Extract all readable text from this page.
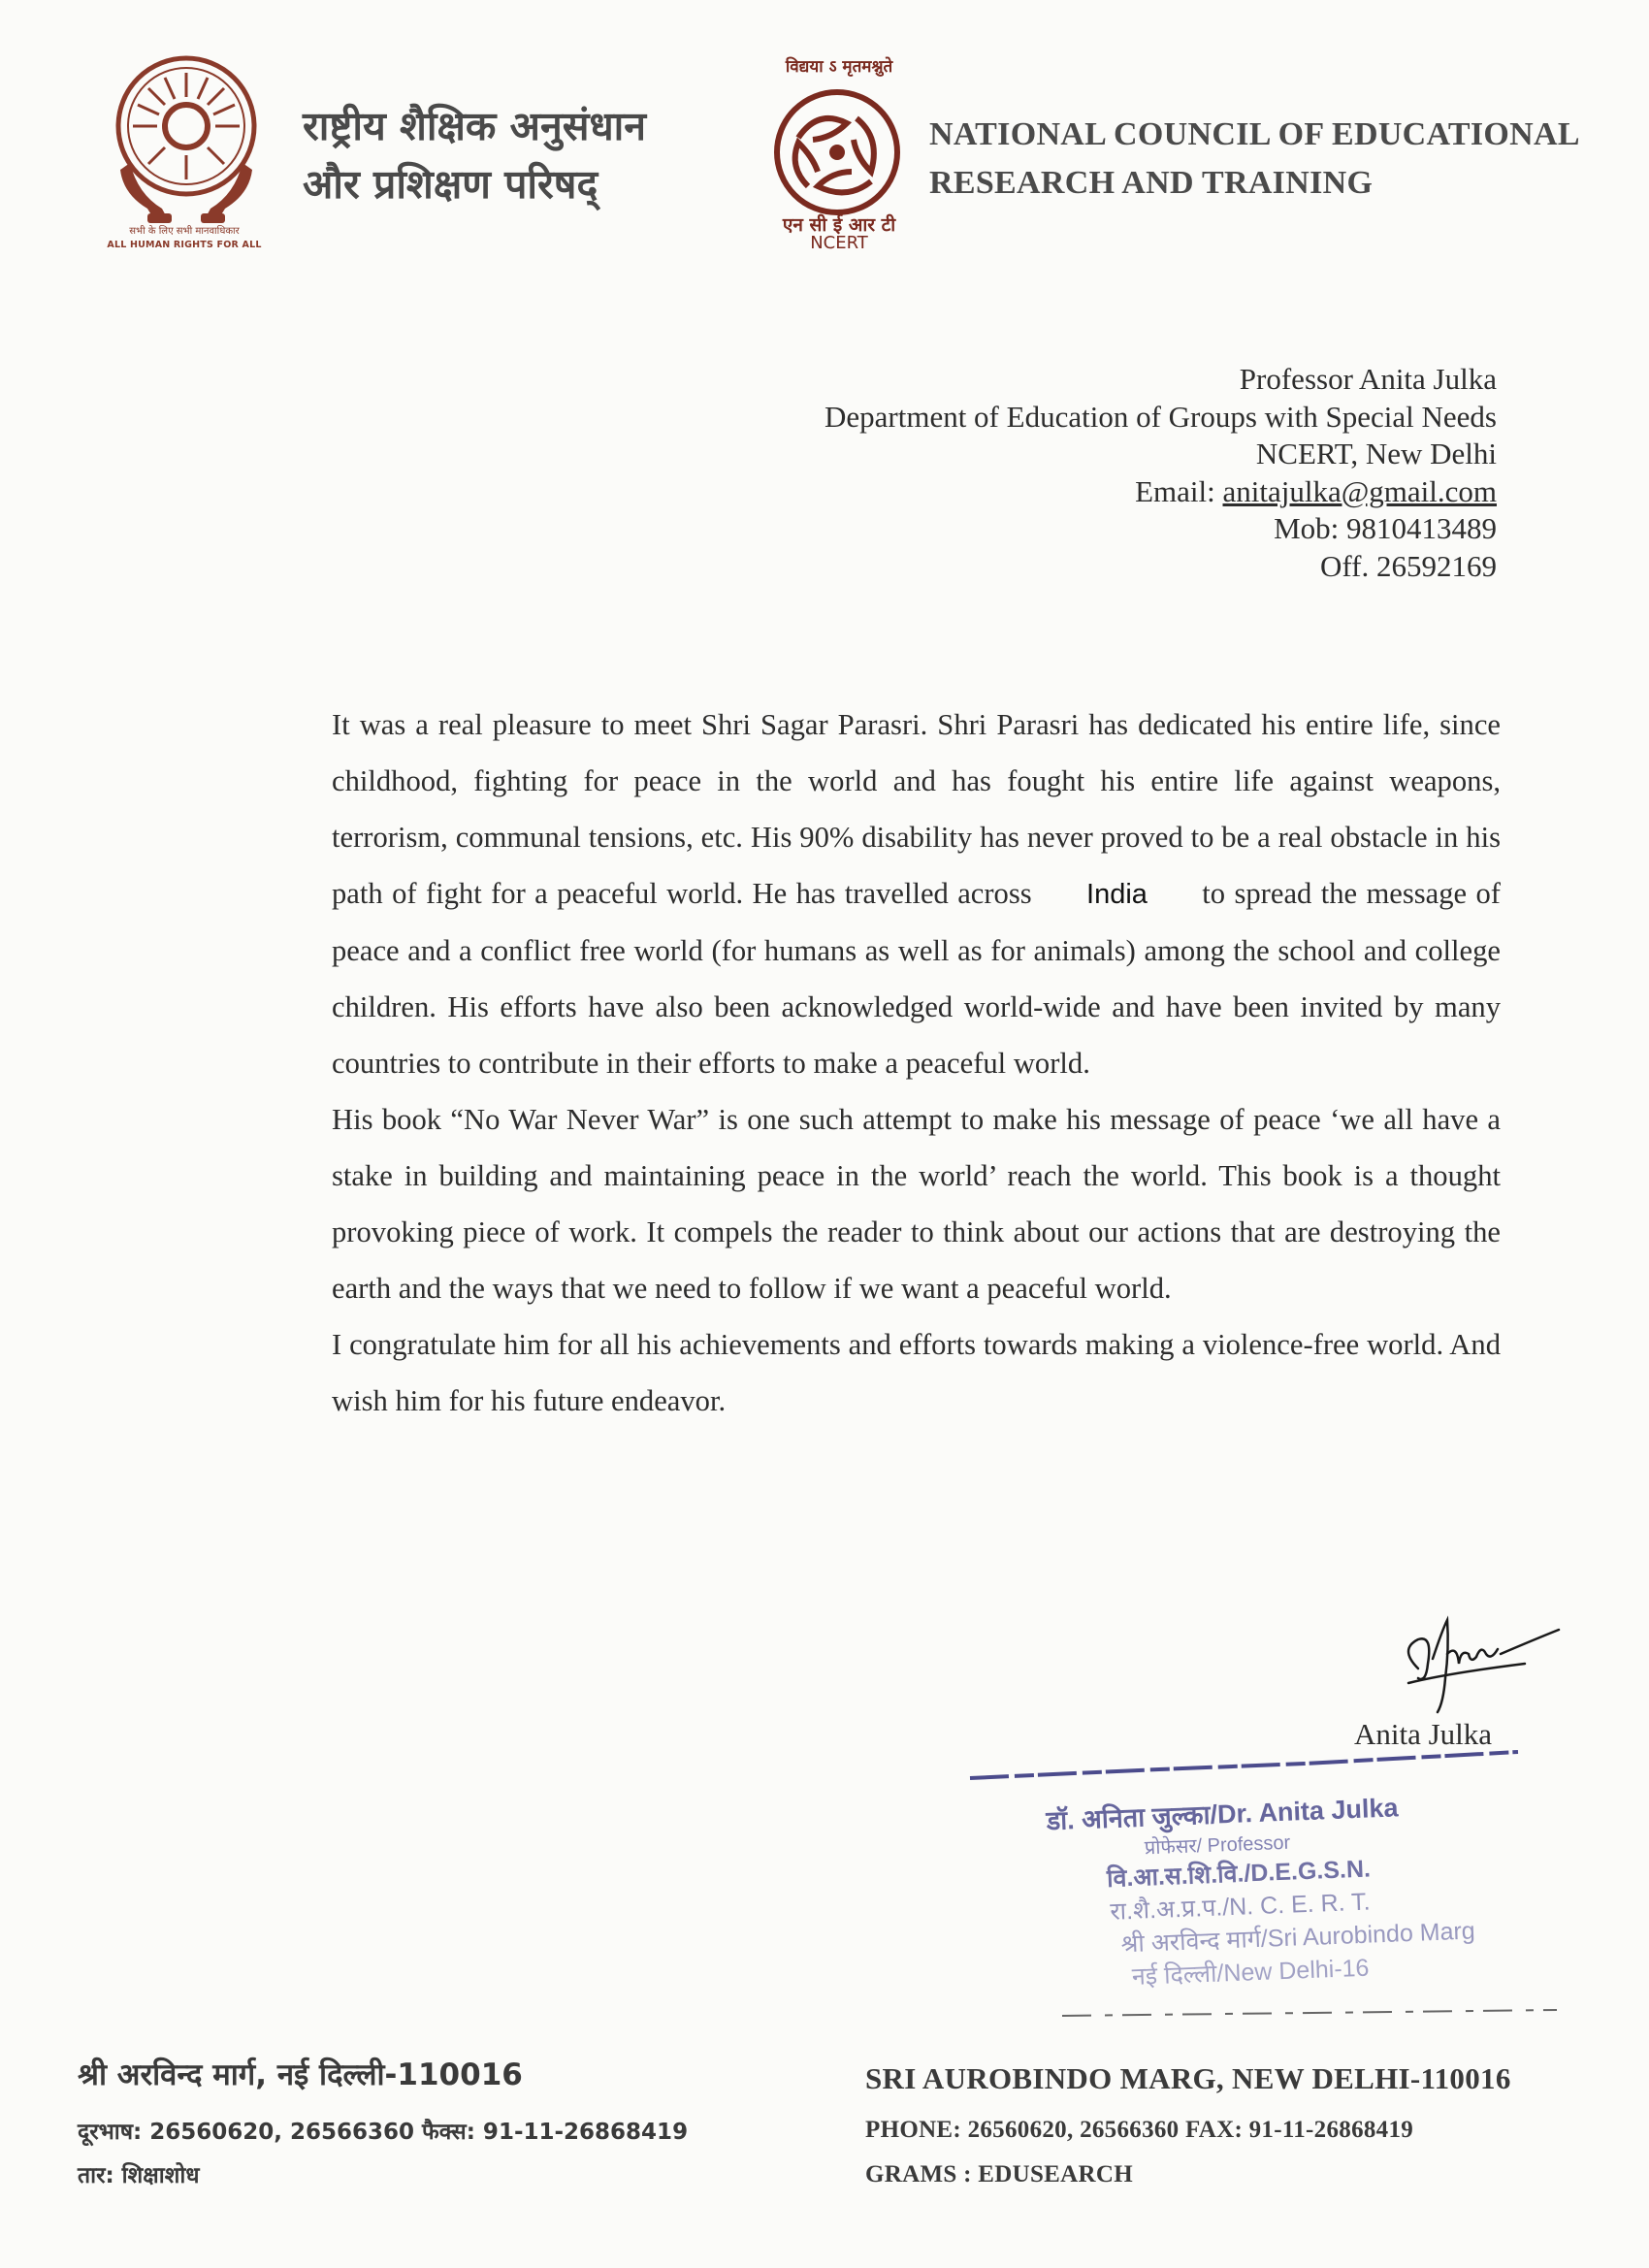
सभी के लिए सभी मानवाधिकार
ALL HUMAN RIGHTS FOR ALL
राष्ट्रीय शैक्षिक अनुसंधान
और प्रशिक्षण परिषद्
विद्यया ऽ मृतमश्नुते
एन सी ई आर टी
NCERT
NATIONAL COUNCIL OF EDUCATIONAL
RESEARCH AND TRAINING
Professor Anita Julka
Department of Education of Groups with Special Needs
NCERT, New Delhi
Email: anitajulka@gmail.com
Mob: 9810413489
Off. 26592169

It was a real pleasure to meet Shri Sagar Parasri. Shri Parasri has dedicated his entire life, since childhood, fighting for peace in the world and has fought his entire life against weapons, terrorism, communal tensions, etc. His 90% disability has never proved to be a real obstacle in his path of fight for a peaceful world. He has travelled across India to spread the message of peace and a conflict free world (for humans as well as for animals) among the school and college children. His efforts have also been acknowledged world-wide and have been invited by many countries to contribute in their efforts to make a peaceful world.

His book “No War Never War” is one such attempt to make his message of peace ‘we all have a stake in building and maintaining peace in the world’ reach the world. This book is a thought provoking piece of work. It compels the reader to think about our actions that are destroying the earth and the ways that we need to follow if we want a peaceful world.

I congratulate him for all his achievements and efforts towards making a violence-free world. And wish him for his future endeavor.

Anita Julka
डॉ. अनिता जुल्का/Dr. Anita Julka
प्रोफेसर/ Professor
वि.आ.स.शि.वि./D.E.G.S.N.
रा.शै.अ.प्र.प./N. C. E. R. T.
श्री अरविन्द मार्ग/Sri Aurobindo Marg
नई दिल्ली/New Delhi-16
श्री अरविन्द मार्ग, नई दिल्ली-110016
दूरभाष: 26560620, 26566360 फैक्स: 91-11-26868419
तार: शिक्षाशोध
SRI AUROBINDO MARG, NEW DELHI-110016
PHONE: 26560620, 26566360 FAX: 91-11-26868419
GRAMS : EDUSEARCH
